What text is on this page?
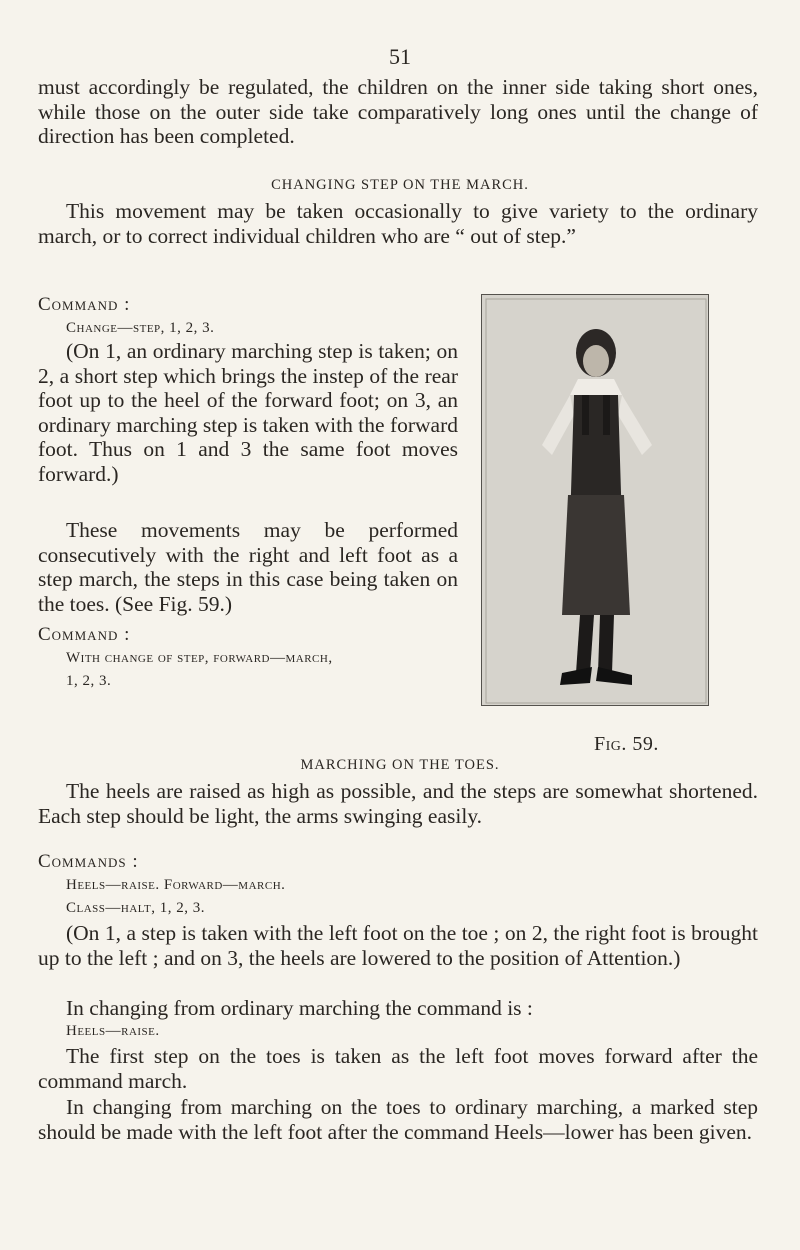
51

must accordingly be regulated, the children on the inner side taking short ones, while those on the outer side take comparatively long ones until the change of direction has been completed.

CHANGING STEP ON THE MARCH.

This movement may be taken occasionally to give variety to the ordinary march, or to correct individual children who are “ out of step.”

Command :
Change—step, 1, 2, 3.

(On 1, an ordinary marching step is taken; on 2, a short step which brings the instep of the rear foot up to the heel of the forward foot; on 3, an ordinary marching step is taken with the forward foot. Thus on 1 and 3 the same foot moves forward.)

These movements may be performed consecutively with the right and left foot as a step march, the steps in this case being taken on the toes. (See Fig. 59.)

Command :
With change of step, forward—march,
1, 2, 3.
Fig. 59.

MARCHING ON THE TOES.

The heels are raised as high as possible, and the steps are somewhat shortened. Each step should be light, the arms swinging easily.

Commands :
Heels—raise. Forward—march.
Class—halt, 1, 2, 3.

(On 1, a step is taken with the left foot on the toe ; on 2, the right foot is brought up to the left ; and on 3, the heels are lowered to the position of Attention.)

In changing from ordinary marching the command is :

Heels—raise.

The first step on the toes is taken as the left foot moves forward after the command march.

In changing from marching on the toes to ordinary marching, a marked step should be made with the left foot after the command Heels—lower has been given.
